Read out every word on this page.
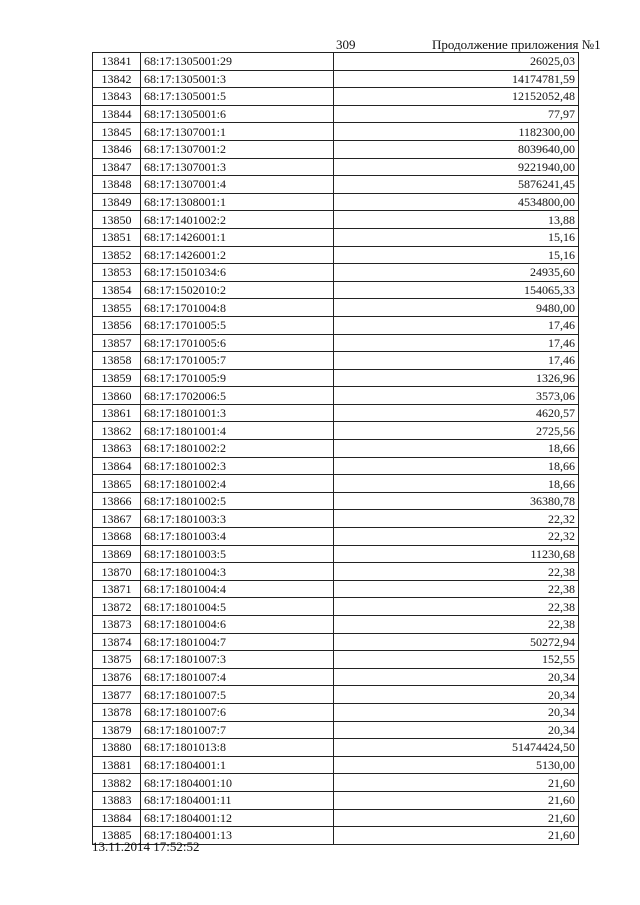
309	Продолжение приложения №1
13841	68:17:1305001:29	26025,03
13842	68:17:1305001:3	14174781,59
13843	68:17:1305001:5	12152052,48
13844	68:17:1305001:6	77,97
13845	68:17:1307001:1	1182300,00
13846	68:17:1307001:2	8039640,00
13847	68:17:1307001:3	9221940,00
13848	68:17:1307001:4	5876241,45
13849	68:17:1308001:1	4534800,00
13850	68:17:1401002:2	13,88
13851	68:17:1426001:1	15,16
13852	68:17:1426001:2	15,16
13853	68:17:1501034:6	24935,60
13854	68:17:1502010:2	154065,33
13855	68:17:1701004:8	9480,00
13856	68:17:1701005:5	17,46
13857	68:17:1701005:6	17,46
13858	68:17:1701005:7	17,46
13859	68:17:1701005:9	1326,96
13860	68:17:1702006:5	3573,06
13861	68:17:1801001:3	4620,57
13862	68:17:1801001:4	2725,56
13863	68:17:1801002:2	18,66
13864	68:17:1801002:3	18,66
13865	68:17:1801002:4	18,66
13866	68:17:1801002:5	36380,78
13867	68:17:1801003:3	22,32
13868	68:17:1801003:4	22,32
13869	68:17:1801003:5	11230,68
13870	68:17:1801004:3	22,38
13871	68:17:1801004:4	22,38
13872	68:17:1801004:5	22,38
13873	68:17:1801004:6	22,38
13874	68:17:1801004:7	50272,94
13875	68:17:1801007:3	152,55
13876	68:17:1801007:4	20,34
13877	68:17:1801007:5	20,34
13878	68:17:1801007:6	20,34
13879	68:17:1801007:7	20,34
13880	68:17:1801013:8	51474424,50
13881	68:17:1804001:1	5130,00
13882	68:17:1804001:10	21,60
13883	68:17:1804001:11	21,60
13884	68:17:1804001:12	21,60
13885	68:17:1804001:13	21,60
13.11.2014 17:52:52
